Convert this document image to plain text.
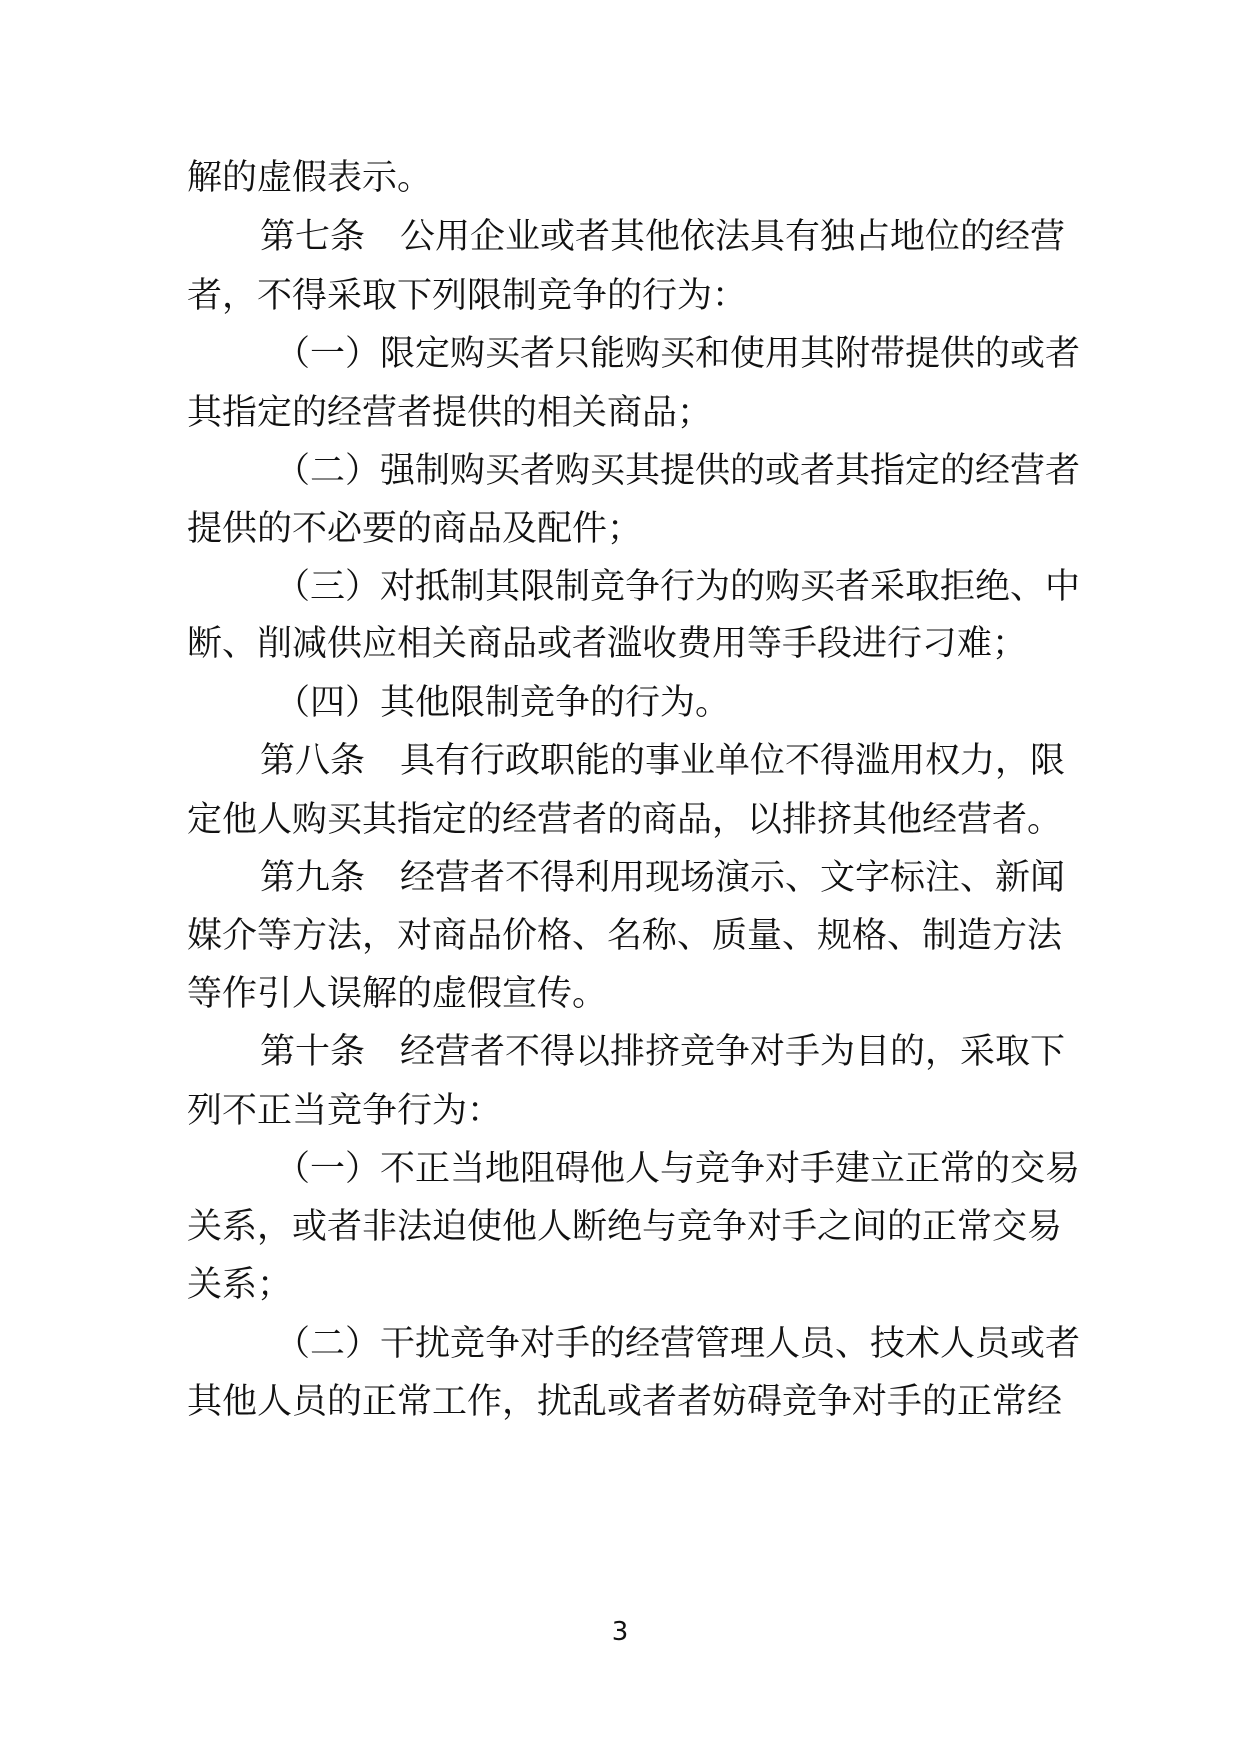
解的虚假表示。
第七条　公用企业或者其他依法具有独占地位的经营
者，不得采取下列限制竞争的行为：
（一）限定购买者只能购买和使用其附带提供的或者
其指定的经营者提供的相关商品；
（二）强制购买者购买其提供的或者其指定的经营者
提供的不必要的商品及配件；
（三）对抵制其限制竞争行为的购买者采取拒绝、中
断、削减供应相关商品或者滥收费用等手段进行刁难；
（四）其他限制竞争的行为。
第八条　具有行政职能的事业单位不得滥用权力，限
定他人购买其指定的经营者的商品，以排挤其他经营者。
第九条　经营者不得利用现场演示、文字标注、新闻
媒介等方法，对商品价格、名称、质量、规格、制造方法
等作引人误解的虚假宣传。
第十条　经营者不得以排挤竞争对手为目的，采取下
列不正当竞争行为：
（一）不正当地阻碍他人与竞争对手建立正常的交易
关系，或者非法迫使他人断绝与竞争对手之间的正常交易
关系；
（二）干扰竞争对手的经营管理人员、技术人员或者
其他人员的正常工作，扰乱或者者妨碍竞争对手的正常经
3
